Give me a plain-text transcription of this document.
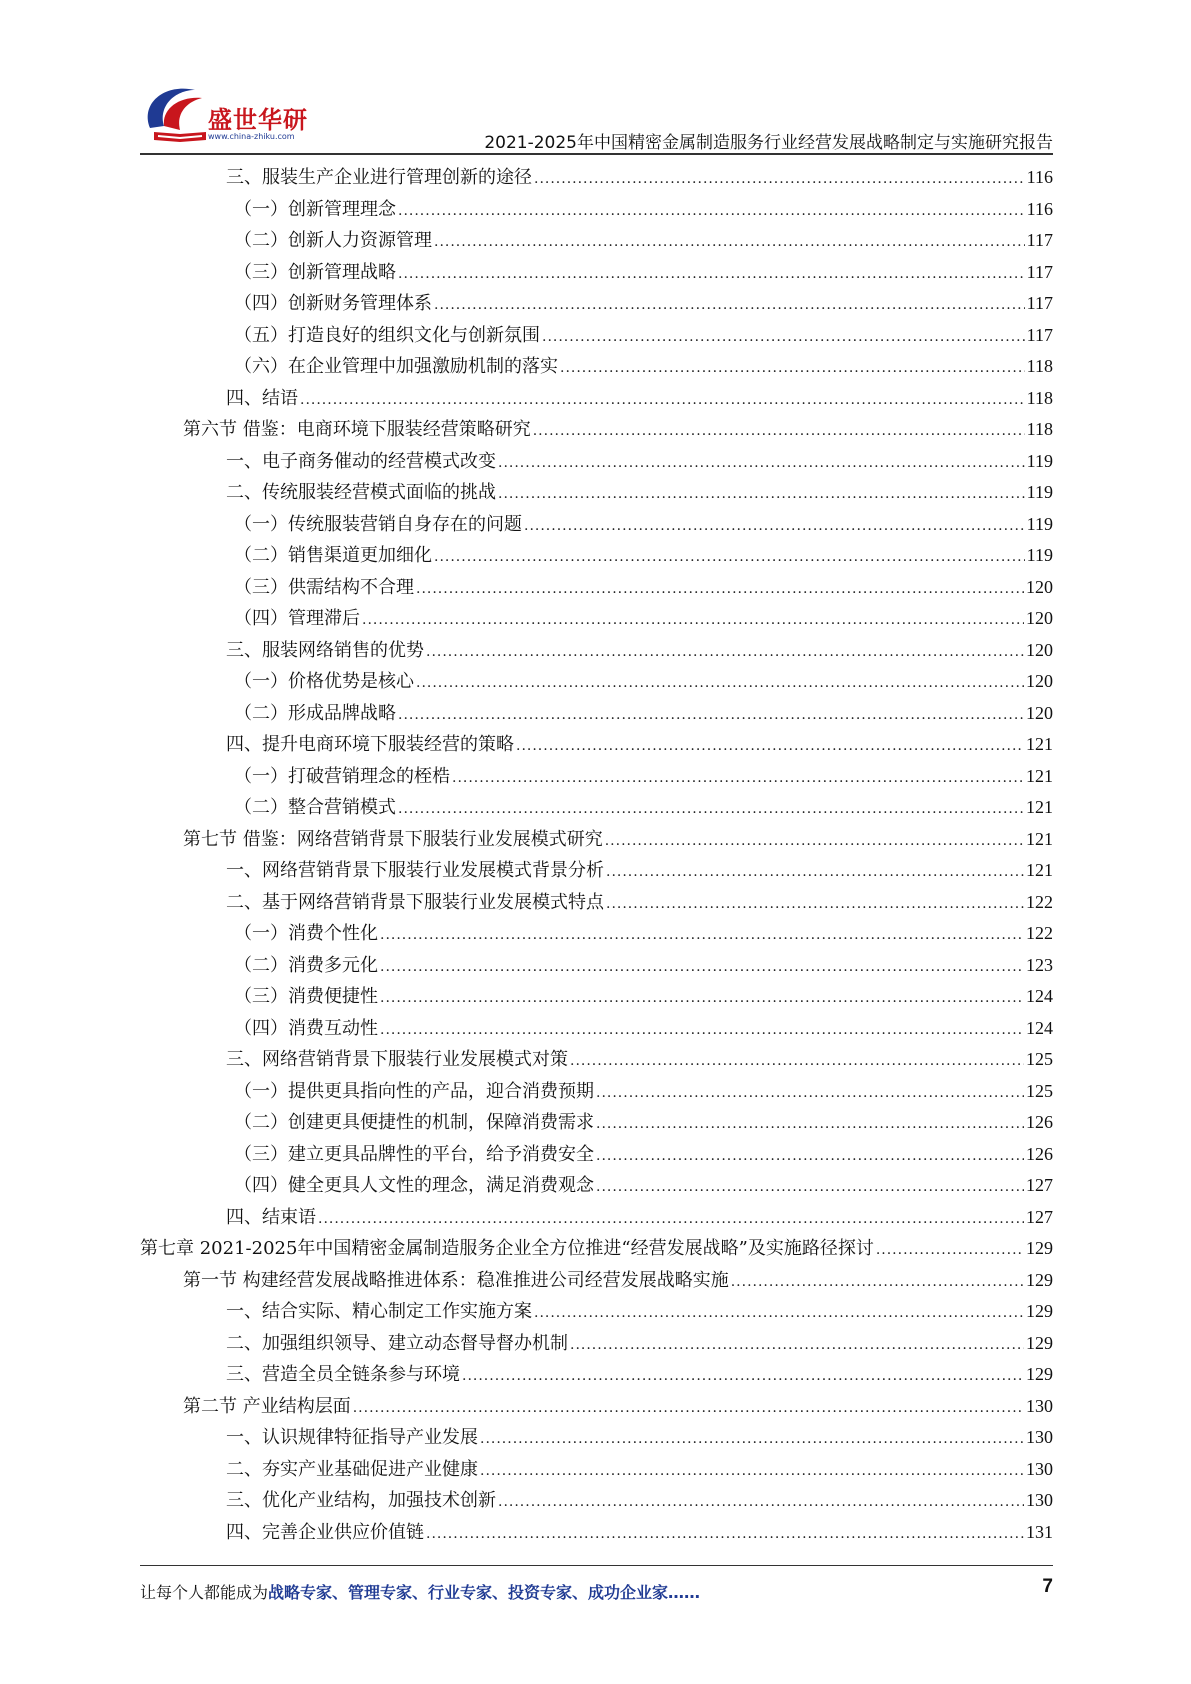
盛世华研
www.china-zhiku.com	2021-2025年中国精密金属制造服务行业经营发展战略制定与实施研究报告
三、服装生产企业进行管理创新的途径 .....	116
（一）创新管理理念 .....	116
（二）创新人力资源管理 .....	117
（三）创新管理战略 .....	117
（四）创新财务管理体系 .....	117
（五）打造良好的组织文化与创新氛围 .....	117
（六）在企业管理中加强激励机制的落实 .....	118
四、结语 .....	118
第六节 借鉴：电商环境下服装经营策略研究 .....	118
一、电子商务催动的经营模式改变 .....	119
二、传统服装经营模式面临的挑战 .....	119
（一）传统服装营销自身存在的问题 .....	119
（二）销售渠道更加细化 .....	119
（三）供需结构不合理 .....	120
（四）管理滞后 .....	120
三、服装网络销售的优势 .....	120
（一）价格优势是核心 .....	120
（二）形成品牌战略 .....	120
四、提升电商环境下服装经营的策略 .....	121
（一）打破营销理念的桎梏 .....	121
（二）整合营销模式 .....	121
第七节 借鉴：网络营销背景下服装行业发展模式研究 .....	121
一、网络营销背景下服装行业发展模式背景分析 .....	121
二、基于网络营销背景下服装行业发展模式特点 .....	122
（一）消费个性化 .....	122
（二）消费多元化 .....	123
（三）消费便捷性 .....	124
（四）消费互动性 .....	124
三、网络营销背景下服装行业发展模式对策 .....	125
（一）提供更具指向性的产品，迎合消费预期 .....	125
（二）创建更具便捷性的机制，保障消费需求 .....	126
（三）建立更具品牌性的平台，给予消费安全 .....	126
（四）健全更具人文性的理念，满足消费观念 .....	127
四、结束语 .....	127
第七章 2021-2025年中国精密金属制造服务企业全方位推进“经营发展战略”及实施路径探讨 .....	129
第一节 构建经营发展战略推进体系：稳准推进公司经营发展战略实施 .....	129
一、结合实际、精心制定工作实施方案 .....	129
二、加强组织领导、建立动态督导督办机制 .....	129
三、营造全员全链条参与环境 .....	129
第二节 产业结构层面 .....	130
一、认识规律特征指导产业发展 .....	130
二、夯实产业基础促进产业健康 .....	130
三、优化产业结构，加强技术创新 .....	130
四、完善企业供应价值链 .....	131
让每个人都能成为战略专家、管理专家、行业专家、投资专家、成功企业家……	7
